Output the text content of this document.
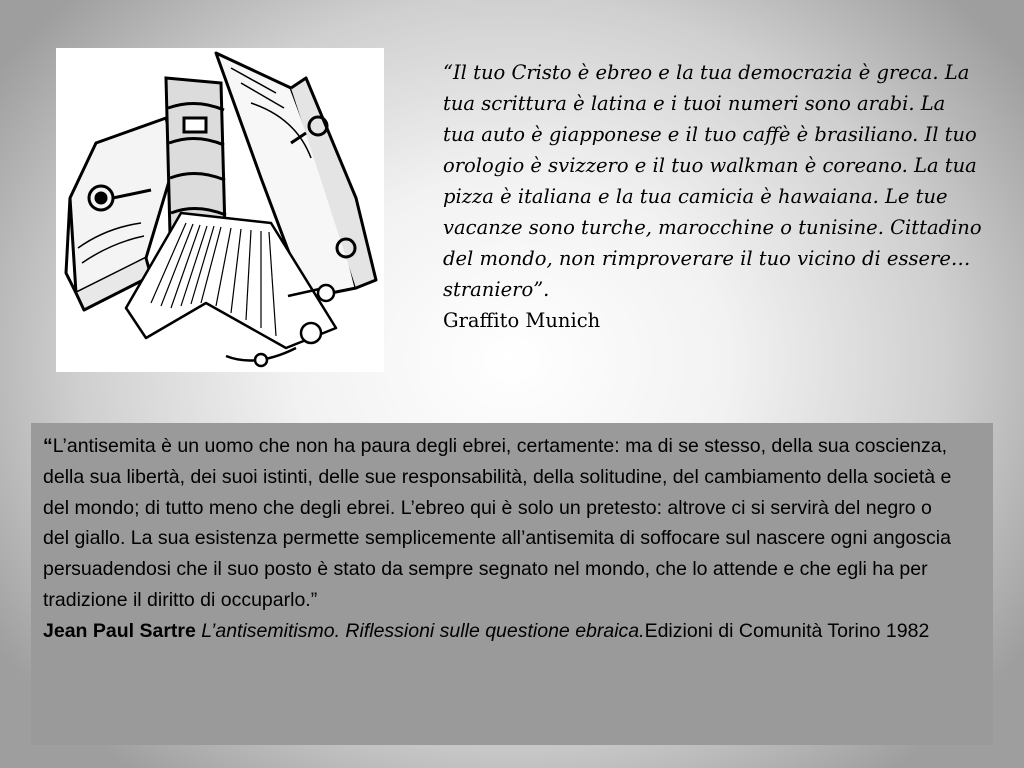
“Il tuo Cristo è ebreo e la tua democrazia è greca. La tua scrittura è latina e i tuoi numeri sono arabi. La tua auto è giapponese e il tuo caffè è brasiliano. Il tuo orologio è svizzero e il tuo walkman è coreano. La tua pizza è italiana e la tua camicia è hawaiana. Le tue vacanze sono turche, marocchine o tunisine. Cittadino del mondo, non rimproverare il tuo vicino di essere…straniero”.
Graffito Munich

“L’antisemita è un uomo che non ha paura degli ebrei, certamente: ma di se stesso, della sua coscienza, della sua libertà, dei suoi istinti, delle sue responsabilità, della solitudine, del cambiamento della società e del mondo; di tutto meno che degli ebrei. L’ebreo qui è solo un pretesto: altrove ci si servirà del negro o del giallo. La sua esistenza permette semplicemente all’antisemita di soffocare sul nascere ogni angoscia persuadendosi che il suo posto è stato da sempre segnato nel mondo, che lo attende e che egli ha per tradizione il diritto di occuparlo.”

Jean Paul Sartre L’antisemitismo. Riflessioni sulle questione ebraica.Edizioni di Comunità Torino 1982
